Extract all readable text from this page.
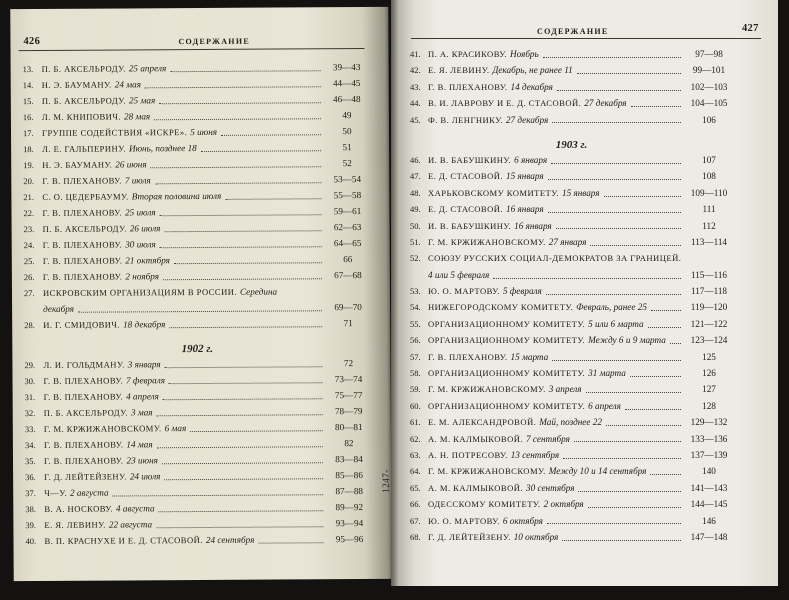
426	СОДЕРЖАНИЕ
13. П. Б. АКСЕЛЬРОДУ. 25 апреля	39—43
14. Н. Э. БАУМАНУ. 24 мая	44—45
15. П. Б. АКСЕЛЬРОДУ. 25 мая	46—48
16. Л. М. КНИПОВИЧ. 28 мая	49
17. ГРУППЕ СОДЕЙСТВИЯ «ИСКРЕ». 5 июня	50
18. Л. Е. ГАЛЬПЕРИНУ. Июнь, позднее 18	51
19. Н. Э. БАУМАНУ. 26 июня	52
20. Г. В. ПЛЕХАНОВУ. 7 июля	53—54
21. С. О. ЦЕДЕРБАУМУ. Вторая половина июля	55—58
22. Г. В. ПЛЕХАНОВУ. 25 июля	59—61
23. П. Б. АКСЕЛЬРОДУ. 26 июля	62—63
24. Г. В. ПЛЕХАНОВУ. 30 июля	64—65
25. Г. В. ПЛЕХАНОВУ. 21 октября	66
26. Г. В. ПЛЕХАНОВУ. 2 ноября	67—68
27. ИСКРОВСКИМ ОРГАНИЗАЦИЯМ В РОССИИ. Середина
декабря	69—70
28. И. Г. СМИДОВИЧ. 18 декабря	71
1902 г.
29. Л. И. ГОЛЬДМАНУ. 3 января	72
30. Г. В. ПЛЕХАНОВУ. 7 февраля	73—74
31. Г. В. ПЛЕХАНОВУ. 4 апреля	75—77
32. П. Б. АКСЕЛЬРОДУ. 3 мая	78—79
33. Г. М. КРЖИЖАНОВСКОМУ. 6 мая	80—81
34. Г. В. ПЛЕХАНОВУ. 14 мая	82
35. Г. В. ПЛЕХАНОВУ. 23 июня	83—84
36. Г. Д. ЛЕЙТЕЙЗЕНУ. 24 июля	85—86
37. Ч—У. 2 августа	87—88
38. В. А. НОСКОВУ. 4 августа	89—92
39. Е. Я. ЛЕВИНУ. 22 августа	93—94
40. В. П. КРАСНУХЕ И Е. Д. СТАСОВОЙ. 24 сентября	95—96
СОДЕРЖАНИЕ	427
41. П. А. КРАСИКОВУ. Ноябрь	97—98
42. Е. Я. ЛЕВИНУ. Декабрь, не ранее 11	99—101
43. Г. В. ПЛЕХАНОВУ. 14 декабря	102—103
44. В. И. ЛАВРОВУ И Е. Д. СТАСОВОЙ. 27 декабря	104—105
45. Ф. В. ЛЕНГНИКУ. 27 декабря	106
1903 г.
46. И. В. БАБУШКИНУ. 6 января	107
47. Е. Д. СТАСОВОЙ. 15 января	108
48. ХАРЬКОВСКОМУ КОМИТЕТУ. 15 января	109—110
49. Е. Д. СТАСОВОЙ. 16 января	111
50. И. В. БАБУШКИНУ. 16 января	112
51. Г. М. КРЖИЖАНОВСКОМУ. 27 января	113—114
52. СОЮЗУ РУССКИХ СОЦИАЛ-ДЕМОКРАТОВ ЗА ГРАНИЦЕЙ.
4 или 5 февраля	115—116
53. Ю. О. МАРТОВУ. 5 февраля	117—118
54. НИЖЕГОРОДСКОМУ КОМИТЕТУ. Февраль, ранее 25	119—120
55. ОРГАНИЗАЦИОННОМУ КОМИТЕТУ. 5 или 6 марта	121—122
56. ОРГАНИЗАЦИОННОМУ КОМИТЕТУ. Между 6 и 9 марта	123—124
57. Г. В. ПЛЕХАНОВУ. 15 марта	125
58. ОРГАНИЗАЦИОННОМУ КОМИТЕТУ. 31 марта	126
59. Г. М. КРЖИЖАНОВСКОМУ. 3 апреля	127
60. ОРГАНИЗАЦИОННОМУ КОМИТЕТУ. 6 апреля	128
61. Е. М. АЛЕКСАНДРОВОЙ. Май, позднее 22	129—132
62. А. М. КАЛМЫКОВОЙ. 7 сентября	133—136
63. А. Н. ПОТРЕСОВУ. 13 сентября	137—139
64. Г. М. КРЖИЖАНОВСКОМУ. Между 10 и 14 сентября	140
65. А. М. КАЛМЫКОВОЙ. 30 сентября	141—143
66. ОДЕССКОМУ КОМИТЕТУ. 2 октября	144—145
67. Ю. О. МАРТОВУ. 6 октября	146
68. Г. Д. ЛЕЙТЕЙЗЕНУ. 10 октября	147—148
1247-
